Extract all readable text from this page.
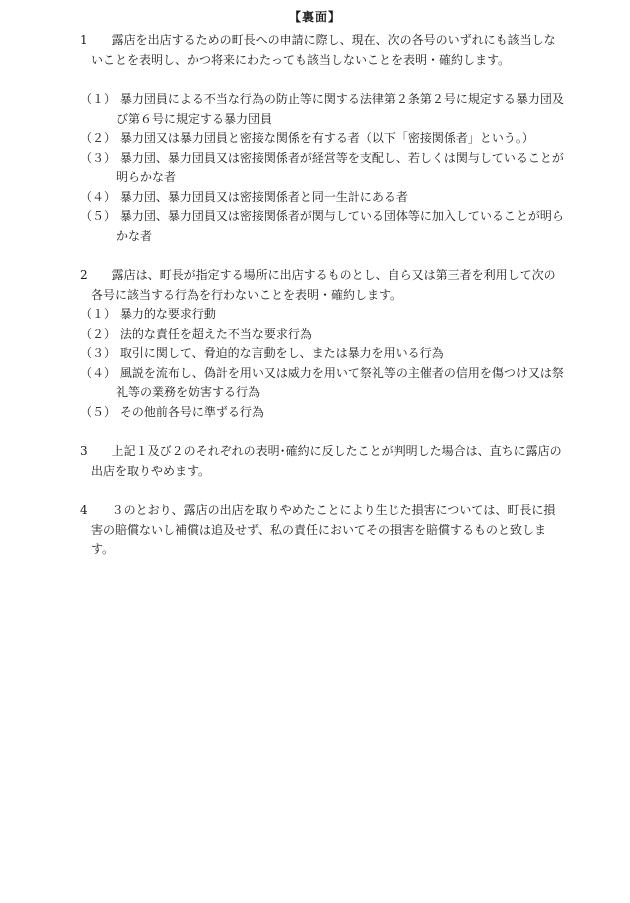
【裏面】

1　　 露店を出店するための町長への申請に際し、現在、次の各号のいずれにも該当しないことを表明し、かつ将来にわたっても該当しないことを表明・確約します。

（１） 暴力団員による不当な行為の防止等に関する法律第２条第２号に規定する暴力団及び第６号に規定する暴力団員

（２） 暴力団又は暴力団員と密接な関係を有する者（以下「密接関係者」という。）

（３） 暴力団、暴力団員又は密接関係者が経営等を支配し、若しくは関与していることが明らかな者

（４） 暴力団、暴力団員又は密接関係者と同一生計にある者

（５） 暴力団、暴力団員又は密接関係者が関与している団体等に加入していることが明らかな者

2　　 露店は、町長が指定する場所に出店するものとし、自ら又は第三者を利用して次の各号に該当する行為を行わないことを表明・確約します。

（１） 暴力的な要求行動

（２） 法的な責任を超えた不当な要求行為

（３） 取引に関して、脅迫的な言動をし、または暴力を用いる行為

（４） 風説を流布し、偽計を用い又は威力を用いて祭礼等の主催者の信用を傷つけ又は祭礼等の業務を妨害する行為

（５） その他前各号に準ずる行為

3　　 上記１及び２のそれぞれの表明･確約に反したことが判明した場合は、直ちに露店の出店を取りやめます。

4　　 ３のとおり、露店の出店を取りやめたことにより生じた損害については、町長に損害の賠償ないし補償は追及せず、私の責任においてその損害を賠償するものと致します。
